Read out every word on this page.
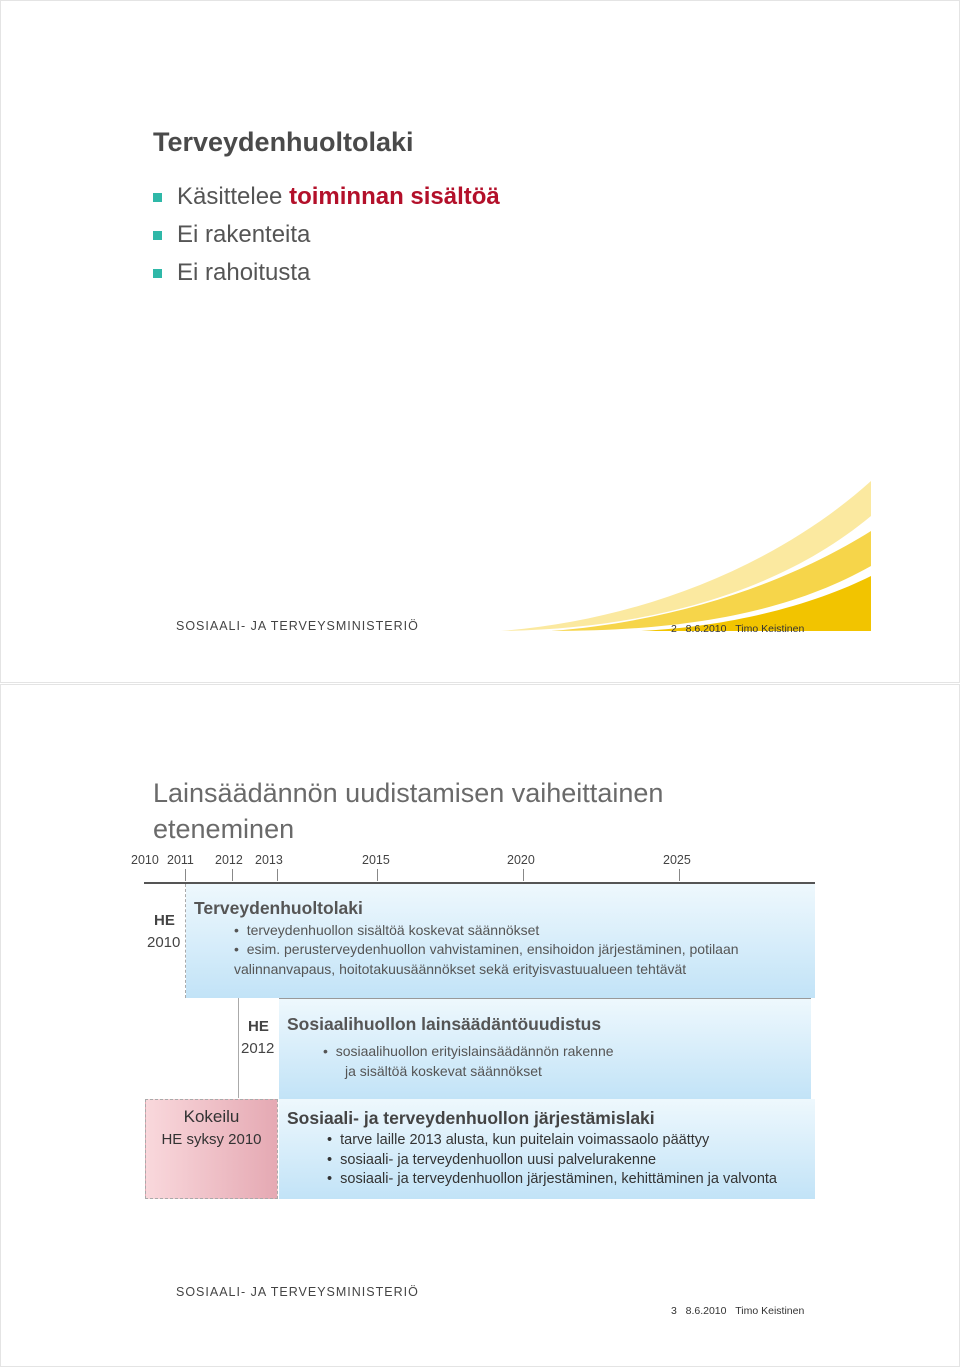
Terveydenhuoltolaki
Käsittelee toiminnan sisältöä
Ei rakenteita
Ei rahoitusta
SOSIAALI- JA TERVEYSMINISTERIÖ	2 8.6.2010 Timo Keistinen
Lainsäädännön uudistamisen vaiheittainen eteneminen
2010 2011 2012 2013	2015	2020	2025
HE
2010
Terveydenhuoltolaki
•  terveydenhuollon sisältöä koskevat säännökset
•  esim. perusterveydenhuollon vahvistaminen, ensihoidon järjestäminen, potilaan
valinnanvapaus, hoitotakuusäännökset sekä erityisvastuualueen tehtävät
HE
2012
Sosiaalihuollon lainsäädäntöuudistus
•  sosiaalihuollon erityislainsäädännön rakenne
ja sisältöä koskevat säännökset
Kokeilu
HE syksy 2010
Sosiaali- ja terveydenhuollon järjestämislaki
•  tarve laille 2013 alusta, kun puitelain voimassaolo päättyy
•  sosiaali- ja terveydenhuollon uusi palvelurakenne
•  sosiaali- ja terveydenhuollon järjestäminen, kehittäminen ja valvonta
SOSIAALI- JA TERVEYSMINISTERIÖ
3 8.6.2010 Timo Keistinen
